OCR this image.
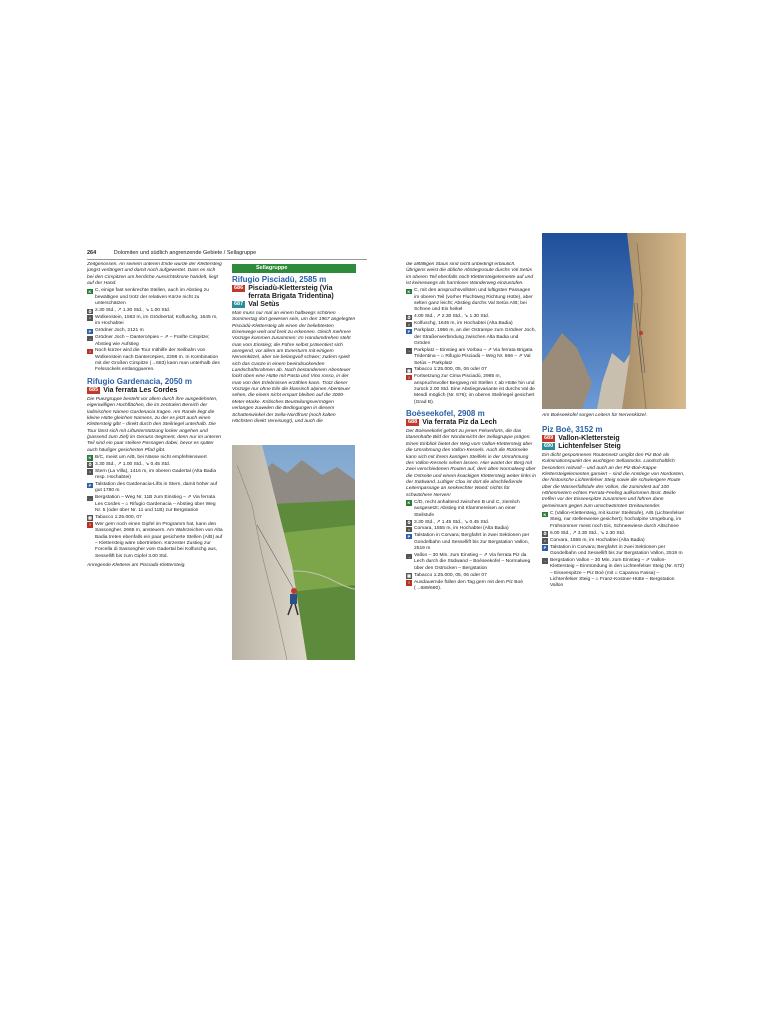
264	Dolomiten und südlich angrenzende Gebiete / Sellagruppe

Zeitgenossen. An seinem unteren Ende wurde der Klettersteig jüngst verlängert und damit noch aufgewertet. Dass es sich bei den Cirspitzen um herrliche Aussichtskrone handelt, liegt auf der Hand.

K C, einige fast senkrechte Stellen, auch im Abstieg zu bewältigen und trotz der relativen Kürze nicht zu unterschätzen
⏱ 2.30 Std., ↗ 1.30 Std., ↘ 1.00 Std.
⌂ Wolkenstein, 1563 m, im Grödnertal; Kolfuschg, 1645 m, im Hochabtei
P Grödner Joch, 2121 m
→ Grödner Joch – Dantercëpies – ⇗ – Fünfte Cirspitze; Abstieg wie Aufstieg
! Noch kürzer wird die Tour mithilfe der Seilbahn von Wolkenstein nach Dantercëpies, 2298 m. In Kombination mit der Großen Cirspitze (→683) kann man unterhalb des Felssockels entlanggueren.
Rifugio Gardenacia, 2050 m
685 Via ferrata Les Cordes

Die Puezgruppe besteht vor allem durch ihre ausgedehnten, eigenwilligen Hochflächen, die im zentralen Bereich der ladinischen Namen Gardenacia tragen. Am Rande liegt die kleine Hütte gleichen Namens, zu der es jetzt auch einen Klettersteig gibt – direkt durch den Steilriegel unterhalb. Die Tour lässt sich mit Liftunterstützung locker angehen und (passend zum Ziel) im Genuss-Segment, denn nur im unteren Teil sind ein paar steilere Passagen dabei, bevor es später auch häufiger gesicherten Pfad gibt.

K B/C, meist um A/B, bei Nässe nicht empfehlenswert
⏱ 3.30 Std., ↗ 1.00 Std., ↘ 0.45 Std.
⌂ Stern (La Villa), 1416 m, im oberen Gadertal (Alta Badia resp. Hochabtei)
P Talstation des Gardenacia-Lifts in Stern, damit höher auf gut 1780 m
→ Bergstation – Weg Nr. 11B zum Einstieg – ⇗ Via ferrata Les Cordes – ⌂ Rifugio Gardenacia – Abstieg über Weg Nr. 5 (oder über Nr. 11 und 11B) zur Bergstation
▦ Tabacco 1:25.000, 07
! Wer gern noch einen Gipfel im Programm hat, kann den Sassongher, 2665 m, ansteuern. Am Wahrzeichen von Alta Badia treten ebenfalls ein paar gesicherte Stellen (A/B) auf – Klettersteig wäre übertrieben. Kürzester Zustieg zur Forcella di Sassongher vom Gadertal bei Kolfuschg aus, Sessellift bis zum Gipfel 3.00 Std.

Anregende Kletterei am Pisciadù-Klettersteig.

Sellagruppe
Rifugio Pisciadù, 2585 m
686 Pisciadù-Klettersteig (Via ferrata Brigata Tridentina)
687 Val Setùs

Man muss nur mal an einem halbwegs schönen Sommertag dort gewesen sein, um den 1967 angelegten Pisciadù-Klettersteig als einen der beliebtesten Eisenwege weit und breit zu erkennen. Gleich mehrere Vorzüge kommen zusammen: Im Handumdrehen steht man vom Einstieg; die Führe selbst präsentiert sich anregend, vor allem am Exnerturm mit einigem Nervenkitzel, aber nie belangvoll schwer; zudem spielt sich das Ganze in einem beeindruckenden Landschaftsrahmen ab. Nach bestandenem Abenteuer lockt oben eine Hütte mit Pasta und Vino rosso, in der man von den Erlebnissen erzählen kann. Trotz dieser Vorzüge nur ohne Eile die klassisch alpinen Abenteuer sehen, die einem nicht erspart bleiben auf die 3000-Meter-Marke. Kritisches Beurteilungsvermögen verlangen zuweilen die Bedingungen in diesem Schattenwinkel der Sella-Nordfront (noch kalten Höchsten direkt Vereisung!), und auch die

die allfälligen Staus sind nicht unbedingt erbaulich. Übrigens weist die übliche Abstiegsroute durchs Val Setùs im oberen Teil ebenfalls noch Klettersteigelemente auf und ist keineswegs als harmloser Wanderweg einzustufen.

K C, mit den anspruchsvollsten und luftigsten Passagen im oberen Teil (vorher Fluchtweg Richtung Hütte), aber selten ganz leicht; Abstieg durchs Val Setùs A/B; bei Schnee und Eis heikel
⏱ 4.00 Std., ↗ 2.30 Std., ↘ 1.30 Std.
⌂ Kolfuschg, 1645 m, im Hochabtei (Alta Badia)
P Parkplatz, 1956 m, an der Ostrampe zum Grödner Joch, der Straßenverbindung zwischen Alta Badia und Gröden
→ Parkplatz – Einstieg am Vorbau – ⇗ Via ferrata Brigata Tridentina – ⌂ Rifugio Pisciadù – Weg Nr. 666 – ⇗ Val Setùs – Parkplatz
▦ Tabacco 1:25.000, 05, 06 oder 07
! Fortsetzung zur Cima Pisciadù, 2985 m, anspruchsvoller Bergweg mit Stellen I; ab Hütte hin und zurück 2.00 Std. Eine Abstiegsvariante ist durchs Val de Mesdì möglich (Nr. 676); im oberen Steilriegel gesichert (Grad B).
Boèseekofel, 2908 m
688 Via ferrata Piz da Lech

Der Boèseekofel gehört zu jenen Felsenforts, die das titanenhafte Bild der Nordansicht der Sellagruppe prägen. Einen Einblick bietet der Weg vom Vallon-Klettersteig über die Umrahmung des Vallon-Kessels. Auch die Rückseite kann sich mit ihrem kantigen Steilfels in der Umrahmung des Vallon-Kessels sehen lassen. Hier wartet der Berg mit zwei verschiedenen Routen auf, dem alten Normalweg über die Ostseite und einem knackigen Klettersteig weiter links in der Südwand. Luftiger Clou ist dort die abschließende Leiternpassage an senkrechter Wand: nichts für schwächere Nerven!

K C/D, recht anhaltend zwischen B und C, ziemlich ausgesetzt; Abstieg mit Klammereisen an einer Steilstufe
⏱ 3.30 Std., ↗ 1.45 Std., ↘ 0.45 Std.
⌂ Corvara, 1555 m, im Hochabtei (Alta Badia)
P Talstation in Corvara; Bergfahrt in zwei Sektionen per Gondelbahn und Sessellift bis zur Bergstation Vallon, 2519 m
→ Vallon – 30 Min. zum Einstieg – ⇗ Via ferrata Piz da Lech durch die Südwand – Boèseekofel – Normalweg über den Ostrücken – Bergstation
▦ Tabacco 1:25.000, 05, 06 oder 07
! Ausdauernde füllen den Tag gern mit dem Piz Boè (→689/690).
Am Boèseekofel sorgen Leitern für Nervenkitzel.
Piz Boè, 3152 m
689 Vallon-Klettersteig
690 Lichtenfelser Steig

Ein dicht gesponnenes Routennetz umgibt den Piz Boè als Kulminationspunkt des wuchtigen Sellastocks. Landschaftlich besonders reizvoll – und auch an der Piz-Boè-Kappe Klettersteigelementen garniert – sind die Anstiege von Nordosten, der historische Lichtenfelser Steig sowie die schwierigere Route über die Wasserfallstufe des Vallon, die zumindest auf 100 Höhenmetern echtes Ferrata-Feeling aufkommen lässt. Beide treffen vor der Eisseespitze zusammen und führen dann gemeinsam gegen zum umschwärmten Dreitausender.

K C (Vallon-Klettersteig, mit kurzer Steilstufe), A/B (Lichtenfelser Steig, nur stellenweise gesichert); hochalpine Umgebung, im Frühsommer meist noch Eis, Schneewiese durch Altschnee
⏱ 6.00 Std., ↗ 3.30 Std., ↘ 2.30 Std.
⌂ Corvara, 1555 m, im Hochabtei (Alta Badia)
P Talstation in Corvara; Bergfahrt in zwei Sektionen per Gondelbahn und Sessellift bis zur Bergstation Vallon, 2519 m
→ Bergstation Vallon – 30 Min. zum Einstieg – ⇗ Vallon-Klettersteig – Einmündung in den Lichtenfelser Steig (Nr. 672) – Eisseespitze – Piz Boè (mit ⌂ Capanna Fassa) – Lichtenfelser Steig – ⌂ Franz-Kostner-Hütte – Bergstation Vallon
